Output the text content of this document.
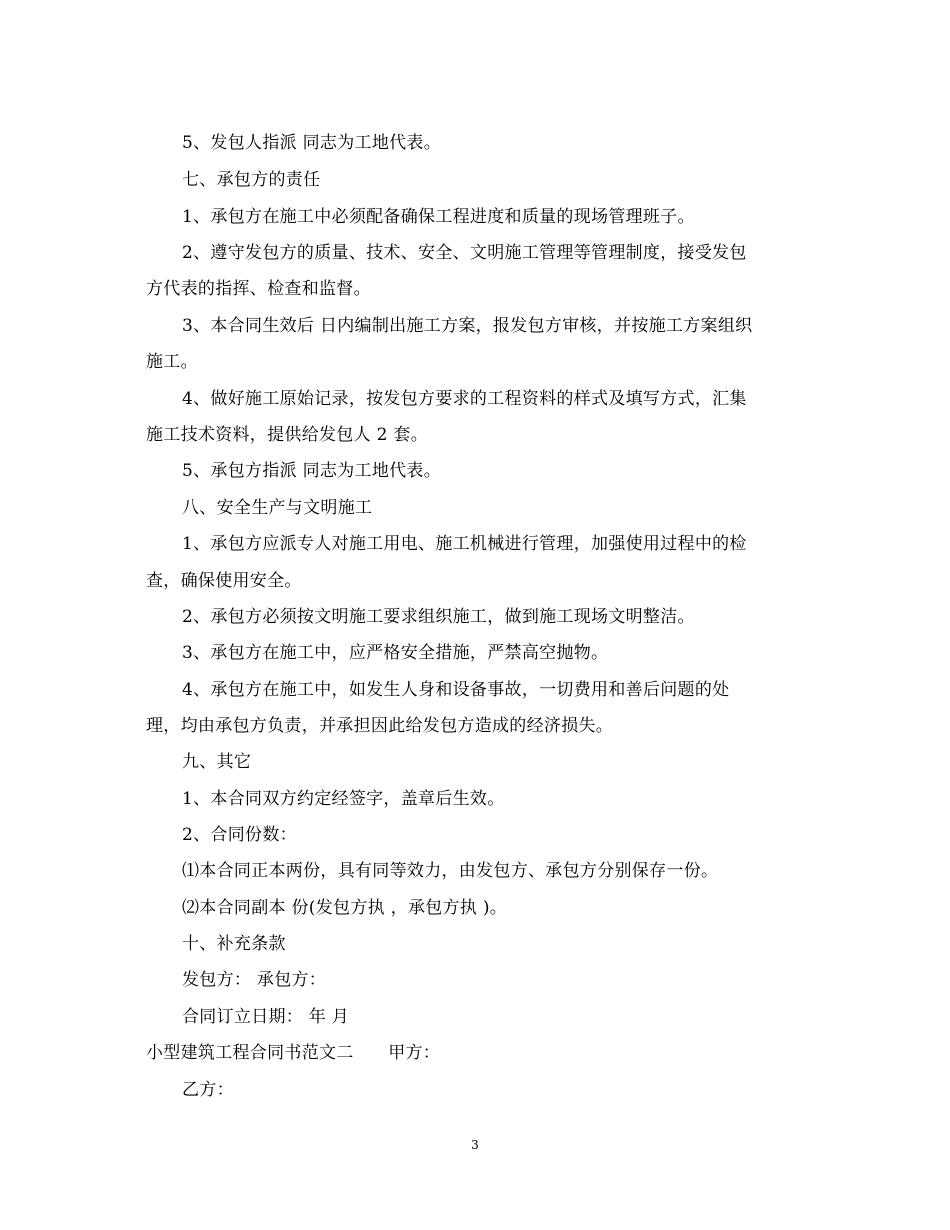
5、发包人指派 同志为工地代表。
七、承包方的责任
1、承包方在施工中必须配备确保工程进度和质量的现场管理班子。
2、遵守发包方的质量、技术、安全、文明施工管理等管理制度，接受发包
方代表的指挥、检查和监督。
3、本合同生效后 日内编制出施工方案，报发包方审核，并按施工方案组织
施工。
4、做好施工原始记录，按发包方要求的工程资料的样式及填写方式，汇集
施工技术资料，提供给发包人 2 套。
5、承包方指派 同志为工地代表。
八、安全生产与文明施工
1、承包方应派专人对施工用电、施工机械进行管理，加强使用过程中的检
查，确保使用安全。
2、承包方必须按文明施工要求组织施工，做到施工现场文明整洁。
3、承包方在施工中，应严格安全措施，严禁高空抛物。
4、承包方在施工中，如发生人身和设备事故，一切费用和善后问题的处
理，均由承包方负责，并承担因此给发包方造成的经济损失。
九、其它
1、本合同双方约定经签字，盖章后生效。
2、合同份数：
⑴本合同正本两份，具有同等效力，由发包方、承包方分别保存一份。
⑵本合同副本 份(发包方执 ，承包方执 )。
十、补充条款
发包方： 承包方：
合同订立日期： 年 月
小型建筑工程合同书范文二　　甲方：
乙方：
3
